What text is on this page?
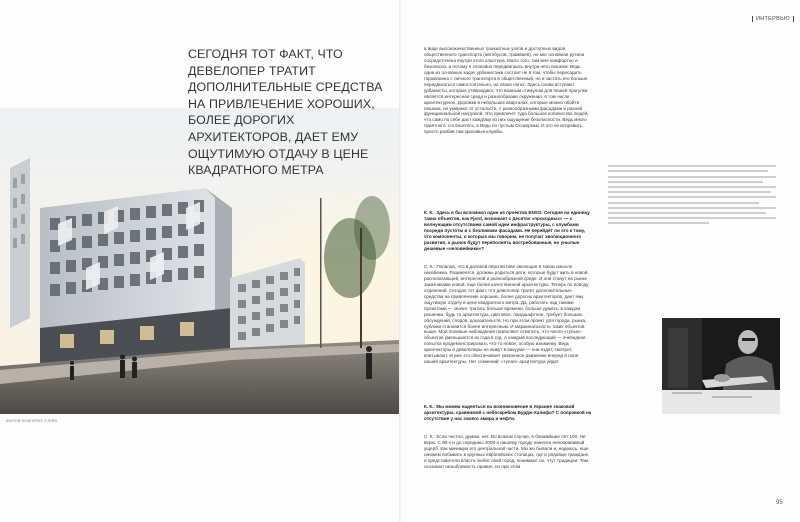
ИНТЕРВЬЮ
СЕГОДНЯ ТОТ ФАКТ, ЧТО ДЕВЕЛОПЕР ТРАТИТ ДОПОЛНИТЕЛЬНЫЕ СРЕДСТВА НА ПРИВЛЕЧЕНИЕ ХОРОШИХ, БОЛЕЕ ДОРОГИХ АРХИТЕКТОРОВ, ДАЕТ ЕМУ ОЩУТИМУЮ ОТДАЧУ В ЦЕНЕ КВАДРАТНОГО МЕТРА
ЖИЛОЙ КОМПЛЕКС FJORD

в виде высококачественных транзитных узлов и доступных видов общественного транспорта (автобусов, трамваев), но мог основная рутина сосредоточена внутри этого кластера. Мало того, там мне комфортно и безопасно, и потому я спокойно передвигаюсь внутри него пешком. Ведь одна из основных задач урбанистики состоит не в том, чтобы пересадить горожанина с личного транспорта в общественный, но и застать его больше передвигаться самостоятельно, на своих ногах. Здесь снова вступают урбанисты, которые утверждают, что важным стимулом для пешей прогулки является интересная среда и разнообразие окружения, в том числе архитектурное. Дорожки в небольших кварталах, которые можно обойти пешком, не умирают от усталости, с разнообразными фасадами и разной функциональной нагрузкой. Это привлечет туда большое количество людей, что само по себе даст каждому из них ощущение безопасности. Ведь много приятного, согласитесь, в Ведь по пустым Осокоркам. И это не исправить, просто разбив там красивые клумбы.

К. К.: Здесь я бы вспомнил один из проектов ENSO. Сегодня на единицу таких объектов, как Fjord, возникает с десяток «проходных» — с волнующим отсутствием самой идеи инфраструктуры, с клумбами посреди пустоты и с безликими фасадами. Не перейдет ли это к тому, что компоненты, о которых мы говорим, не получат эволюционного развития, а рынок будут переполнять востребованные, но унылые дешевые «человейники»?

С. К.: Полагаю, что в далекой перспективе эволюция в таком смысле неизбежна. Разумеется, должны родиться дети, которые будут жить в новой, располагающей, интересной и разнообразной среде. И они станут на рынке заказчиками новой, еще более качественной архитектуры. Теперь по поводу отделений. Сегодня тот факт, что девелопер тратит дополнительные средства на привлечение хороших, более дорогих архитекторов, дает ему ощутимую отдачу в цене квадратного метра. Да, работать над такими проектами — значит тратить больше времени, больше думать, в каждом решении, будь то архитектура, цветовое, ландшафтное, требует больших обсуждений, споров, доказательств. Но при этом проект для города, рынка, публики становится более интересным. И маржинальность таких объектов выше. Мои полевые наблюдения позволяют отметить, что число «тупых» объектов уменьшается из года в год. А каждый последующий — очевидная попытка продемонстрировать что-то новое, особую изюминку. Ведь архитекторы и девелоперы не живут в вакууме — они ездят, смотрят, впитывают. И уже это обеспечивает уверенное движение вперед в поле нашей архитектуры. Нет сомнений: «тупая» архитектура уйдет.

К. К.: Мы можем надеяться на возникновение в Украине знаковой архитектуры, сравнимой с небоскребом Бурдж-Халифа? С поправкой на отсутствие у нас своего эмира и нефти.

С. К.: Если честно, думаю, нет. Во всяком случае, в ближайшие лет 100. Не верю. С 90-х и до середины 2000-х нашему городу нанесен непоправимый ущерб. Как минимум его центральной части. Мы же бывали и, надеюсь, еще сможем побывать в крупных европейских столицах, где и рядовые граждане, и представители власти любят свой город, понимают их, чтут традиции. Там осознают незыблемость правил, но при этом

95
